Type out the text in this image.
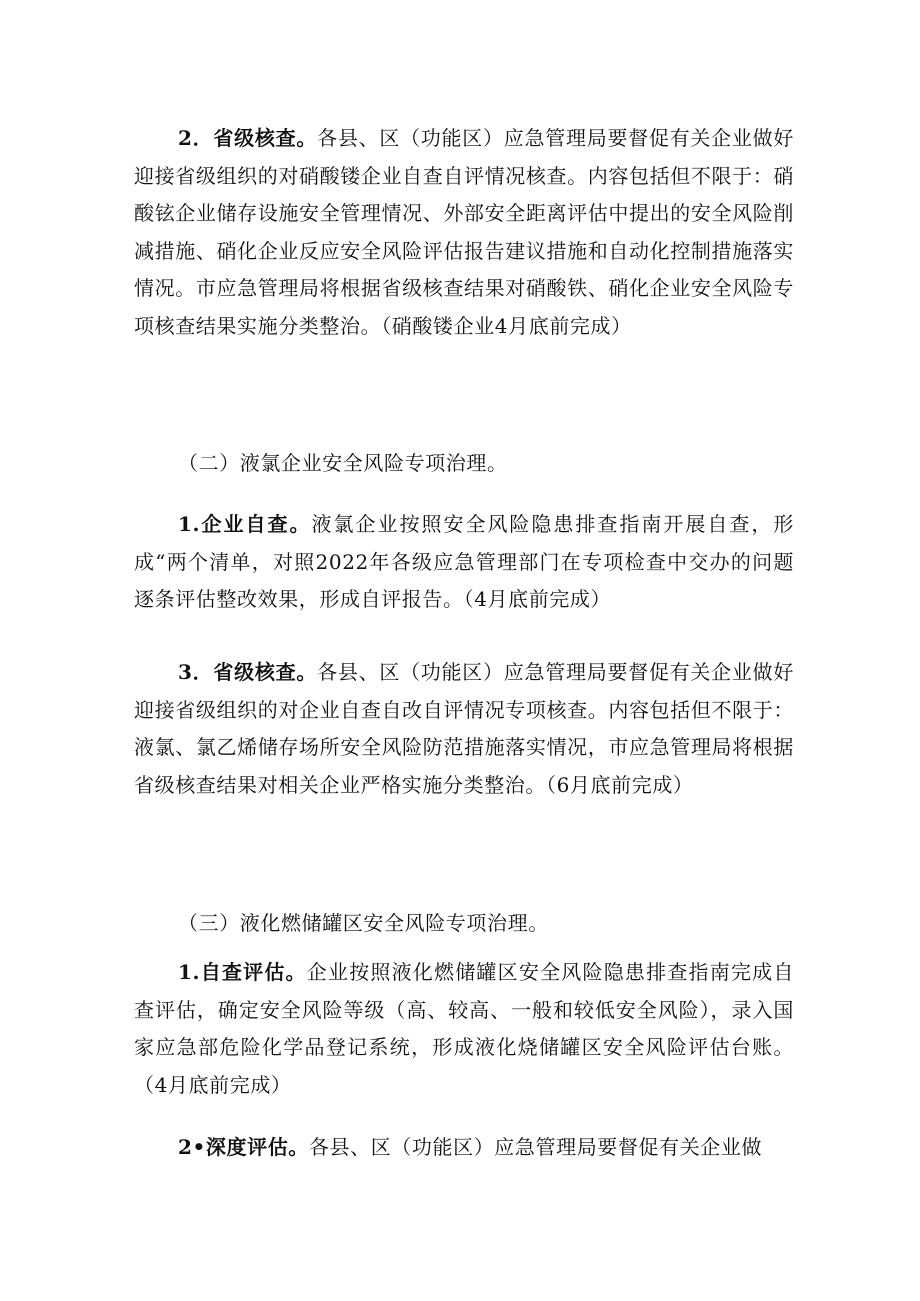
2．省级核查。各县、区（功能区）应急管理局要督促有关企业做好迎接省级组织的对硝酸镂企业自查自评情况核查。内容包括但不限于：硝酸铉企业储存设施安全管理情况、外部安全距离评估中提出的安全风险削减措施、硝化企业反应安全风险评估报告建议措施和自动化控制措施落实情况。市应急管理局将根据省级核查结果对硝酸铁、硝化企业安全风险专项核查结果实施分类整治。（硝酸镂企业4月底前完成）

（二）液氯企业安全风险专项治理。

1.企业自查。液氯企业按照安全风险隐患排查指南开展自查，形成“两个清单，对照2022年各级应急管理部门在专项检查中交办的问题逐条评估整改效果，形成自评报告。（4月底前完成）

3．省级核查。各县、区（功能区）应急管理局要督促有关企业做好迎接省级组织的对企业自查自改自评情况专项核查。内容包括但不限于：液氯、氯乙烯储存场所安全风险防范措施落实情况，市应急管理局将根据省级核查结果对相关企业严格实施分类整治。（6月底前完成）

（三）液化燃储罐区安全风险专项治理。

1.自查评估。企业按照液化燃储罐区安全风险隐患排查指南完成自查评估，确定安全风险等级（高、较高、一般和较低安全风险），录入国家应急部危险化学品登记系统，形成液化烧储罐区安全风险评估台账。（4月底前完成）

2•深度评估。各县、区（功能区）应急管理局要督促有关企业做
